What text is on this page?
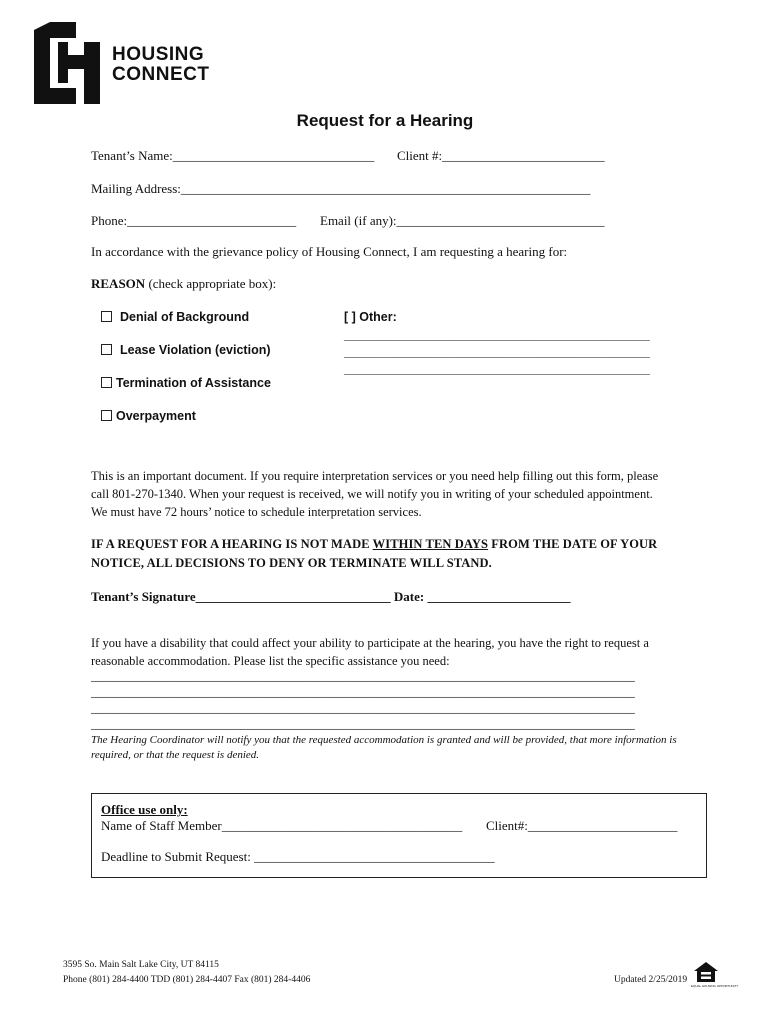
HOUSING
CONNECT
Request for a Hearing
Tenant’s Name:_______________________________ Client #:_________________________
Mailing Address:_______________________________________________________________
Phone:__________________________ Email (if any):________________________________
In accordance with the grievance policy of Housing Connect, I am requesting a hearing for:
REASON (check appropriate box):
Denial of Background
Lease Violation (eviction)
Termination of Assistance
Overpayment
[ ] Other:
____________________________________________
____________________________________________
____________________________________________
This is an important document. If you require interpretation services or you need help filling out this form, please call 801-270-1340. When your request is received, we will notify you in writing of your scheduled appointment. We must have 72 hours’ notice to schedule interpretation services.
IF A REQUEST FOR A HEARING IS NOT MADE WITHIN TEN DAYS FROM THE DATE OF YOUR NOTICE, ALL DECISIONS TO DENY OR TERMINATE WILL STAND.
Tenant’s Signature______________________________ Date: ______________________
If you have a disability that could affect your ability to participate at the hearing, you have the right to request a reasonable accommodation. Please list the specific assistance you need:
_______________________________________________________________________________________
_______________________________________________________________________________________
_______________________________________________________________________________________
_______________________________________________________________________________________
The Hearing Coordinator will notify you that the requested accommodation is granted and will be provided, that more information is required, or that the request is denied.
Office use only:
Name of Staff Member_____________________________________ Client#:_______________________
Deadline to Submit Request: _____________________________________
3595 So. Main Salt Lake City, UT 84115
Phone (801) 284-4400 TDD (801) 284-4407 Fax (801) 284-4406	Updated 2/25/2019
EQUAL HOUSING OPPORTUNITY
